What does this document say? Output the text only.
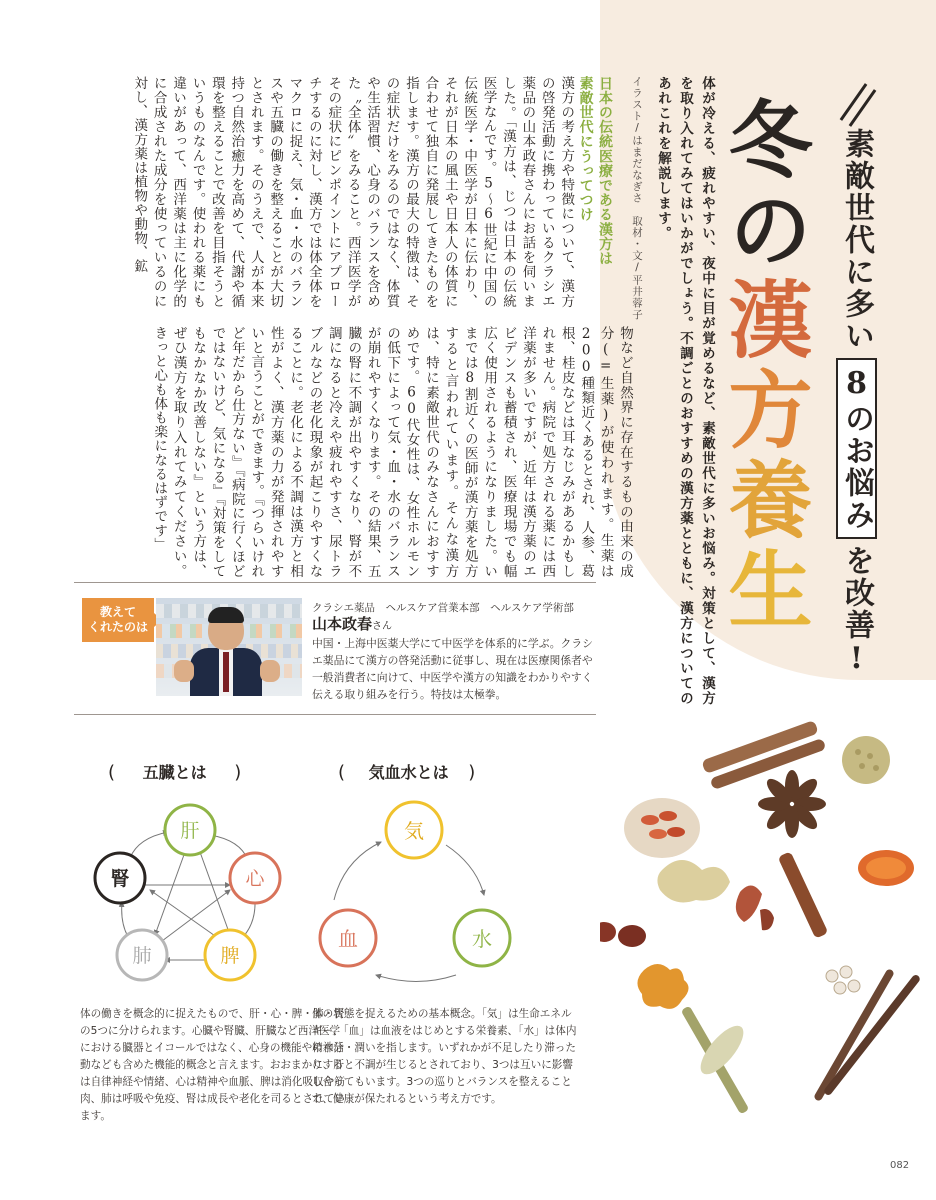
素敵世代に多い8のお悩みを改善!
冬の漢方養生
体が冷える、疲れやすい、夜中に目が覚めるなど、素敵世代に多いお悩み。対策として、漢方を取り入れてみてはいかがでしょう。不調ごとのおすすめの漢方薬とともに、漢方についてのあれこれを解説します。
イラスト/はまだなぎさ　取材・文/平井蓉子
日本の伝統医療である漢方は
素敵世代にうってつけ
漢方の考え方や特徴について、漢方の啓発活動に携わっているクラシエ薬品の山本政春さんにお話を伺いました。「漢方は、じつは日本の伝統医学なんです。5〜6世紀に中国の伝統医学・中医学が日本に伝わり、それが日本の風土や日本人の体質に合わせて独自に発展してきたものを指します。漢方の最大の特徴は、その症状だけをみるのではなく、体質や生活習慣、心身のバランスを含めた〝全体〟をみること。西洋医学がその症状にピンポイントにアプローチするのに対し、漢方では体全体をマクロに捉え、気・血・水のバランスや五臓の働きを整えることが大切とされます。そのうえで、人が本来持つ自然治癒力を高めて、代謝や循環を整えることで改善を目指そうというものなんです。使われる薬にも違いがあって、西洋薬は主に化学的に合成された成分を使っているのに対し、漢方薬は植物や動物、鉱
物など自然界に存在するもの由来の成分(=生薬)が使われます。生薬は200種類近くあるとされ、人参、葛根、桂皮などは耳なじみがあるかもしれません。病院で処方される薬には西洋薬が多いですが、近年は漢方薬のエビデンスも蓄積され、医療現場でも幅広く使用されるようになりました。いまでは8割近くの医師が漢方薬を処方すると言われています。そんな漢方は、特に素敵世代のみなさんにおすすめです。60代女性は、女性ホルモンの低下によって気・血・水のバランスが崩れやすくなります。その結果、五臓の腎に不調が出やすくなり、腎が不調になると冷えや疲れやすさ、尿トラブルなどの老化現象が起こりやすくなることに。老化による不調は漢方と相性がよく、漢方薬の力が発揮されやすいと言うことができます。『つらいけれど年だから仕方ない』『病院に行くほどではないけど、気になる』『対策をしてもなかなか改善しない』という方は、ぜひ漢方を取り入れてみてください。きっと心も体も楽になるはずです」
教えて
くれたのは
クラシエ薬品　ヘルスケア営業本部　ヘルスケア学術部
山本政春さん
中国・上海中医薬大学にて中医学を体系的に学ぶ。クラシエ薬品にて漢方の啓発活動に従事し、現在は医療関係者や一般消費者に向けて、中医学や漢方の知識をわかりやすく伝える取り組みを行う。特技は太極拳。
( 五臓とは )
肝
心
脾
肺
腎
体の働きを概念的に捉えたもので、肝・心・脾・肺・腎の5つに分けられます。心臓や腎臓、肝臓など西洋医学における臓器とイコールではなく、心身の機能や精神活動なども含めた機能的概念と言えます。おおまかに、肝は自律神経や情緒、心は精神や血脈、脾は消化吸収や筋肉、肺は呼吸や免疫、腎は成長や老化を司るとされています。
( 気血水とは )
気
血	水
体の状態を捉えるための基本概念。「気」は生命エネルギー、「血」は血液をはじめとする栄養素、「水」は体内の水分・潤いを指します。いずれかが不足したり滞ったりすると不調が生じるとされており、3つは互いに影響し合ってもいます。3つの巡りとバランスを整えることで、健康が保たれるという考え方です。
082
